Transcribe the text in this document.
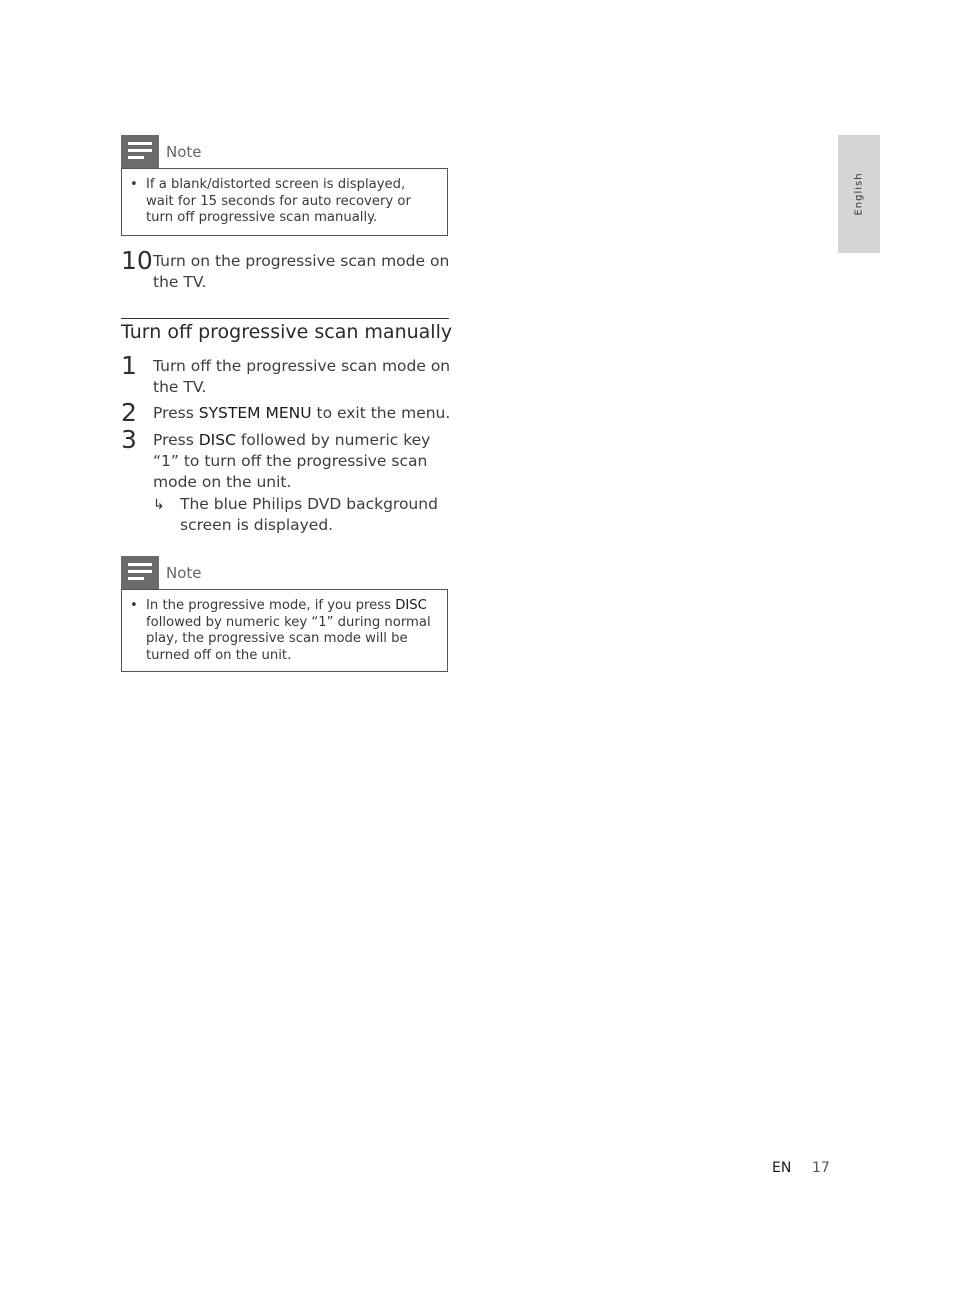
English
Note
• If a blank/distorted screen is displayed, wait for 15 seconds for auto recovery or turn off progressive scan manually.
10 Turn on the progressive scan mode on the TV.
Turn off progressive scan manually
1 Turn off the progressive scan mode on the TV.
2 Press SYSTEM MENU to exit the menu.
3 Press DISC followed by numeric key “1” to turn off the progressive scan mode on the unit.
↳ The blue Philips DVD background screen is displayed.
Note
• In the progressive mode, if you press DISC followed by numeric key “1” during normal play, the progressive scan mode will be turned off on the unit.
EN 17
